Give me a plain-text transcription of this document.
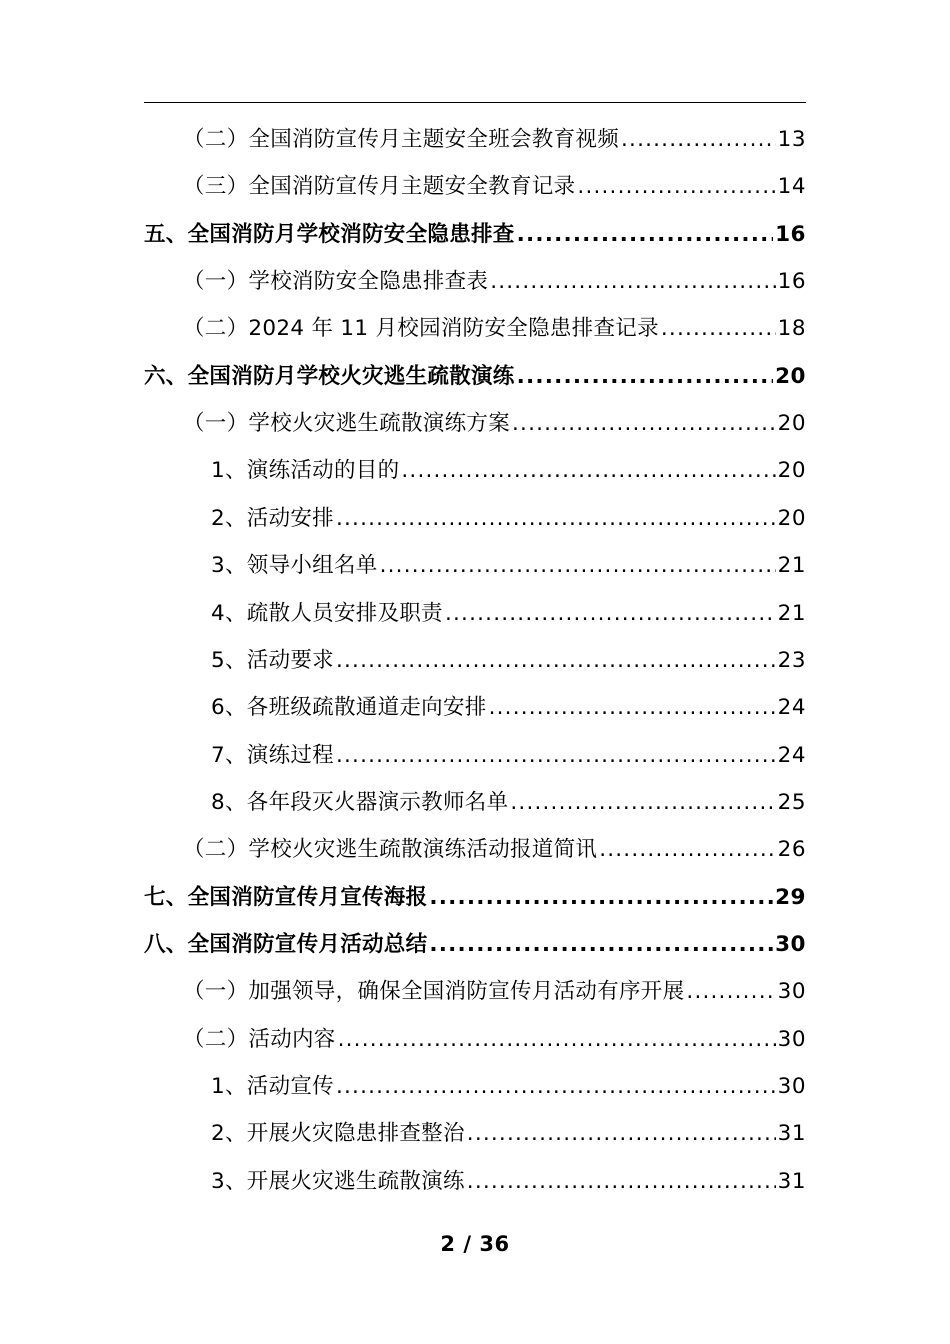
（二）全国消防宣传月主题安全班会教育视频 .....	13
（三）全国消防宣传月主题安全教育记录 .....	14
五、全国消防月学校消防安全隐患排查 .....	16
（一）学校消防安全隐患排查表 .....	16
（二）2024 年 11 月校园消防安全隐患排查记录 .....	18
六、全国消防月学校火灾逃生疏散演练 .....	20
（一）学校火灾逃生疏散演练方案 .....	20
1、演练活动的目的 .....	20
2、活动安排 .....	20
3、领导小组名单 .....	21
4、疏散人员安排及职责 .....	21
5、活动要求 .....	23
6、各班级疏散通道走向安排 .....	24
7、演练过程 .....	24
8、各年段灭火器演示教师名单 .....	25
（二）学校火灾逃生疏散演练活动报道简讯 .....	26
七、全国消防宣传月宣传海报 .....	29
八、全国消防宣传月活动总结 .....	30
（一）加强领导，确保全国消防宣传月活动有序开展 .....	30
（二）活动内容 .....	30
1、活动宣传 .....	30
2、开展火灾隐患排查整治 .....	31
3、开展火灾逃生疏散演练 .....	31
2 / 36
